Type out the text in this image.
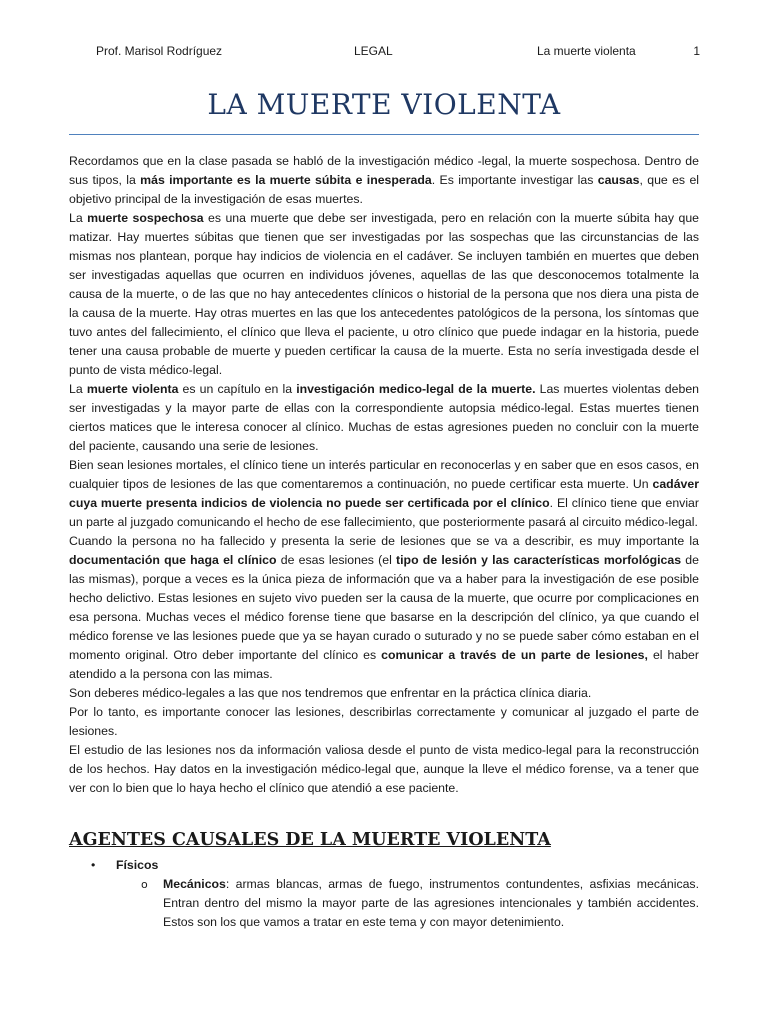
Prof. Marisol Rodríguez	LEGAL	La muerte violenta	1
LA MUERTE VIOLENTA

Recordamos que en la clase pasada se habló de la investigación médico -legal, la muerte sospechosa. Dentro de sus tipos, la más importante es la muerte súbita e inesperada. Es importante investigar las causas, que es el objetivo principal de la investigación de esas muertes.

La muerte sospechosa es una muerte que debe ser investigada, pero en relación con la muerte súbita hay que matizar. Hay muertes súbitas que tienen que ser investigadas por las sospechas que las circunstancias de las mismas nos plantean, porque hay indicios de violencia en el cadáver. Se incluyen también en muertes que deben ser investigadas aquellas que ocurren en individuos jóvenes, aquellas de las que desconocemos totalmente la causa de la muerte, o de las que no hay antecedentes clínicos o historial de la persona que nos diera una pista de la causa de la muerte. Hay otras muertes en las que los antecedentes patológicos de la persona, los síntomas que tuvo antes del fallecimiento, el clínico que lleva el paciente, u otro clínico que puede indagar en la historia, puede tener una causa probable de muerte y pueden certificar la causa de la muerte. Esta no sería investigada desde el punto de vista médico-legal.

La muerte violenta es un capítulo en la investigación medico-legal de la muerte. Las muertes violentas deben ser investigadas y la mayor parte de ellas con la correspondiente autopsia médico-legal. Estas muertes tienen ciertos matices que le interesa conocer al clínico. Muchas de estas agresiones pueden no concluir con la muerte del paciente, causando una serie de lesiones.

Bien sean lesiones mortales, el clínico tiene un interés particular en reconocerlas y en saber que en esos casos, en cualquier tipos de lesiones de las que comentaremos a continuación, no puede certificar esta muerte. Un cadáver cuya muerte presenta indicios de violencia no puede ser certificada por el clínico. El clínico tiene que enviar un parte al juzgado comunicando el hecho de ese fallecimiento, que posteriormente pasará al circuito médico-legal.

Cuando la persona no ha fallecido y presenta la serie de lesiones que se va a describir, es muy importante la documentación que haga el clínico de esas lesiones (el tipo de lesión y las características morfológicas de las mismas), porque a veces es la única pieza de información que va a haber para la investigación de ese posible hecho delictivo. Estas lesiones en sujeto vivo pueden ser la causa de la muerte, que ocurre por complicaciones en esa persona. Muchas veces el médico forense tiene que basarse en la descripción del clínico, ya que cuando el médico forense ve las lesiones puede que ya se hayan curado o suturado y no se puede saber cómo estaban en el momento original. Otro deber importante del clínico es comunicar a través de un parte de lesiones, el haber atendido a la persona con las mimas.

Son deberes médico-legales a las que nos tendremos que enfrentar en la práctica clínica diaria.

Por lo tanto, es importante conocer las lesiones, describirlas correctamente y comunicar al juzgado el parte de lesiones.

El estudio de las lesiones nos da información valiosa desde el punto de vista medico-legal para la reconstrucción de los hechos. Hay datos en la investigación médico-legal que, aunque la lleve el médico forense, va a tener que ver con lo bien que lo haya hecho el clínico que atendió a ese paciente.

AGENTES CAUSALES DE LA MUERTE VIOLENTA
• Físicos
o Mecánicos: armas blancas, armas de fuego, instrumentos contundentes, asfixias mecánicas. Entran dentro del mismo la mayor parte de las agresiones intencionales y también accidentes. Estos son los que vamos a tratar en este tema y con mayor detenimiento.
